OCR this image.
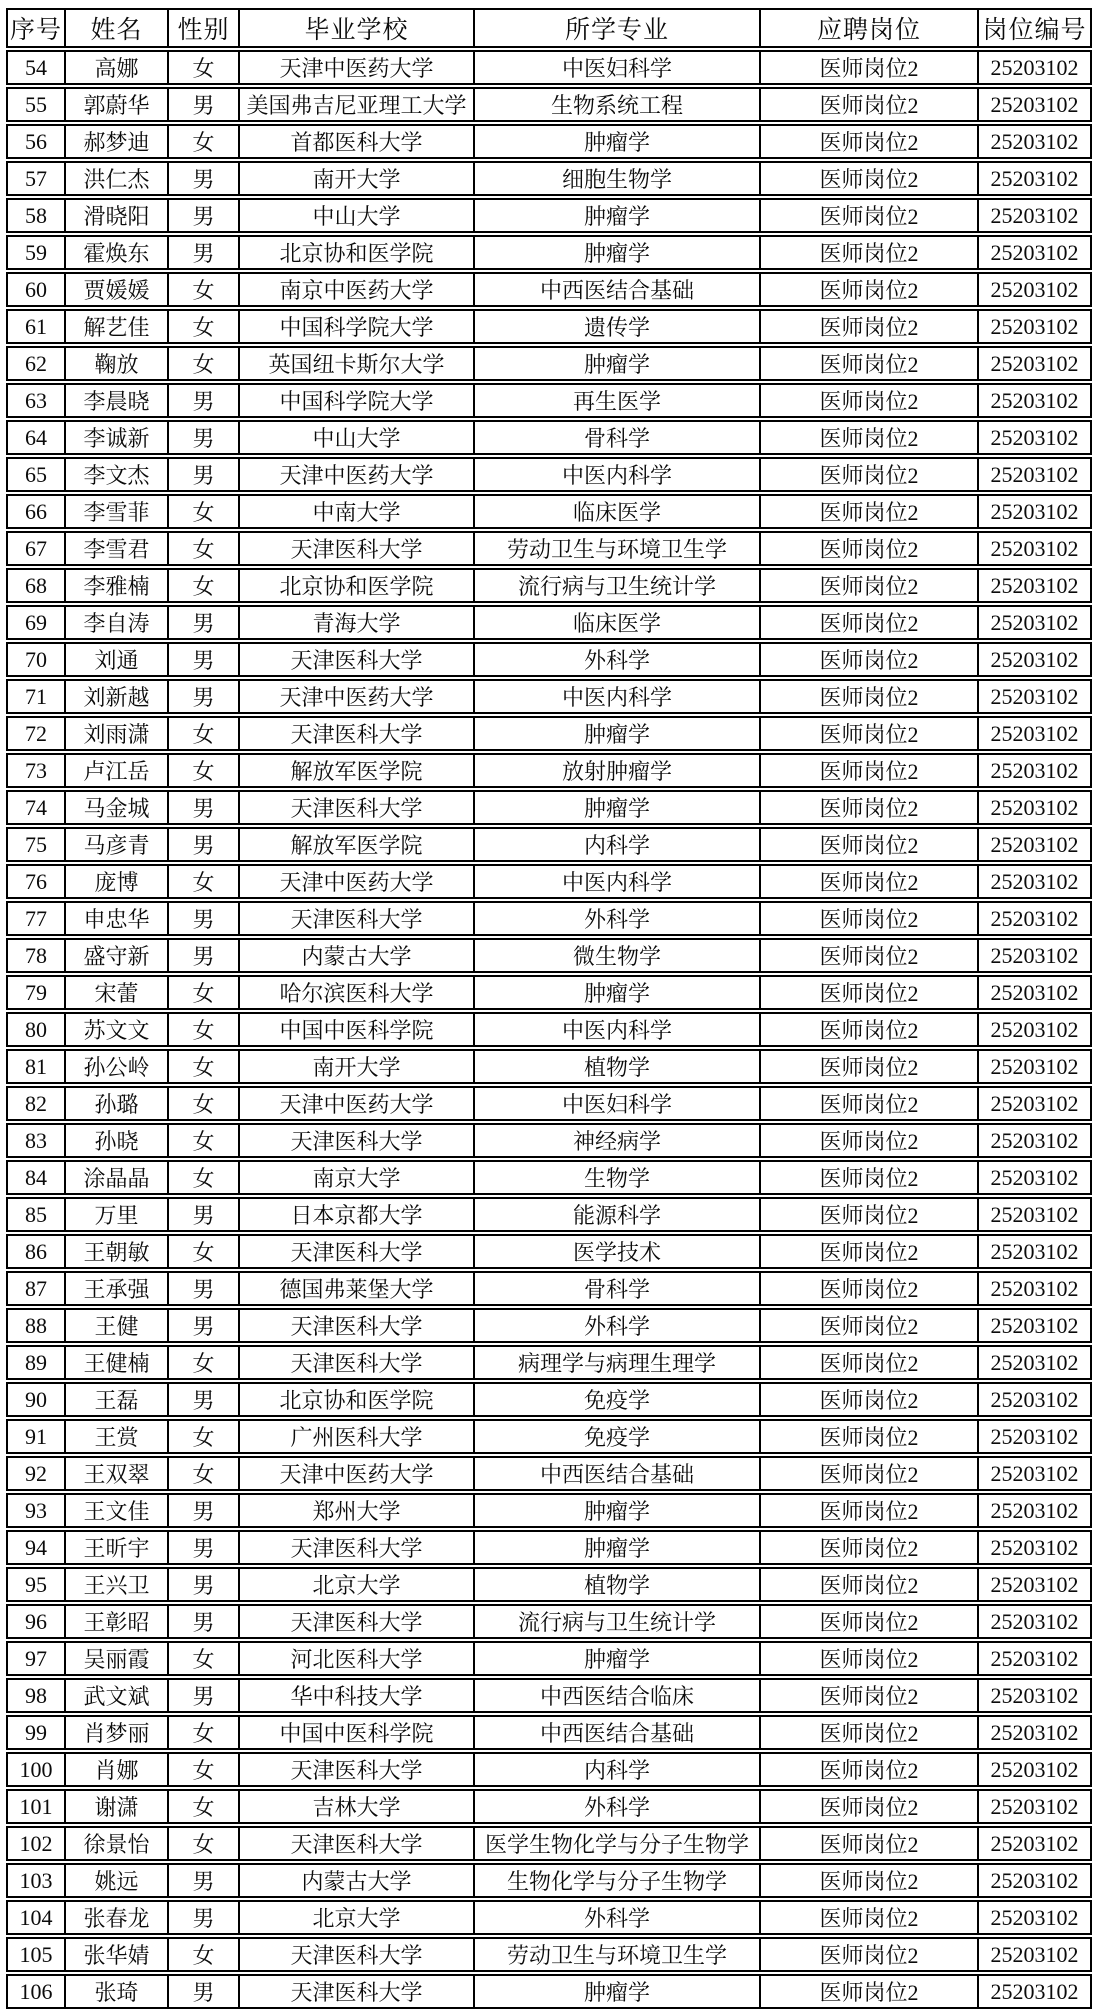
序号	姓名	性别	毕业学校	所学专业	应聘岗位	岗位编号
54	高娜	女	天津中医药大学	中医妇科学	医师岗位2	25203102
55	郭蔚华	男	美国弗吉尼亚理工大学	生物系统工程	医师岗位2	25203102
56	郝梦迪	女	首都医科大学	肿瘤学	医师岗位2	25203102
57	洪仁杰	男	南开大学	细胞生物学	医师岗位2	25203102
58	滑晓阳	男	中山大学	肿瘤学	医师岗位2	25203102
59	霍焕东	男	北京协和医学院	肿瘤学	医师岗位2	25203102
60	贾媛媛	女	南京中医药大学	中西医结合基础	医师岗位2	25203102
61	解艺佳	女	中国科学院大学	遗传学	医师岗位2	25203102
62	鞠放	女	英国纽卡斯尔大学	肿瘤学	医师岗位2	25203102
63	李晨晓	男	中国科学院大学	再生医学	医师岗位2	25203102
64	李诚新	男	中山大学	骨科学	医师岗位2	25203102
65	李文杰	男	天津中医药大学	中医内科学	医师岗位2	25203102
66	李雪菲	女	中南大学	临床医学	医师岗位2	25203102
67	李雪君	女	天津医科大学	劳动卫生与环境卫生学	医师岗位2	25203102
68	李雅楠	女	北京协和医学院	流行病与卫生统计学	医师岗位2	25203102
69	李自涛	男	青海大学	临床医学	医师岗位2	25203102
70	刘通	男	天津医科大学	外科学	医师岗位2	25203102
71	刘新越	男	天津中医药大学	中医内科学	医师岗位2	25203102
72	刘雨潇	女	天津医科大学	肿瘤学	医师岗位2	25203102
73	卢江岳	女	解放军医学院	放射肿瘤学	医师岗位2	25203102
74	马金城	男	天津医科大学	肿瘤学	医师岗位2	25203102
75	马彦青	男	解放军医学院	内科学	医师岗位2	25203102
76	庞博	女	天津中医药大学	中医内科学	医师岗位2	25203102
77	申忠华	男	天津医科大学	外科学	医师岗位2	25203102
78	盛守新	男	内蒙古大学	微生物学	医师岗位2	25203102
79	宋蕾	女	哈尔滨医科大学	肿瘤学	医师岗位2	25203102
80	苏文文	女	中国中医科学院	中医内科学	医师岗位2	25203102
81	孙公岭	女	南开大学	植物学	医师岗位2	25203102
82	孙璐	女	天津中医药大学	中医妇科学	医师岗位2	25203102
83	孙晓	女	天津医科大学	神经病学	医师岗位2	25203102
84	涂晶晶	女	南京大学	生物学	医师岗位2	25203102
85	万里	男	日本京都大学	能源科学	医师岗位2	25203102
86	王朝敏	女	天津医科大学	医学技术	医师岗位2	25203102
87	王承强	男	德国弗莱堡大学	骨科学	医师岗位2	25203102
88	王健	男	天津医科大学	外科学	医师岗位2	25203102
89	王健楠	女	天津医科大学	病理学与病理生理学	医师岗位2	25203102
90	王磊	男	北京协和医学院	免疫学	医师岗位2	25203102
91	王赏	女	广州医科大学	免疫学	医师岗位2	25203102
92	王双翠	女	天津中医药大学	中西医结合基础	医师岗位2	25203102
93	王文佳	男	郑州大学	肿瘤学	医师岗位2	25203102
94	王昕宇	男	天津医科大学	肿瘤学	医师岗位2	25203102
95	王兴卫	男	北京大学	植物学	医师岗位2	25203102
96	王彰昭	男	天津医科大学	流行病与卫生统计学	医师岗位2	25203102
97	吴丽霞	女	河北医科大学	肿瘤学	医师岗位2	25203102
98	武文斌	男	华中科技大学	中西医结合临床	医师岗位2	25203102
99	肖梦丽	女	中国中医科学院	中西医结合基础	医师岗位2	25203102
100	肖娜	女	天津医科大学	内科学	医师岗位2	25203102
101	谢潇	女	吉林大学	外科学	医师岗位2	25203102
102	徐景怡	女	天津医科大学	医学生物化学与分子生物学	医师岗位2	25203102
103	姚远	男	内蒙古大学	生物化学与分子生物学	医师岗位2	25203102
104	张春龙	男	北京大学	外科学	医师岗位2	25203102
105	张华婧	女	天津医科大学	劳动卫生与环境卫生学	医师岗位2	25203102
106	张琦	男	天津医科大学	肿瘤学	医师岗位2	25203102
